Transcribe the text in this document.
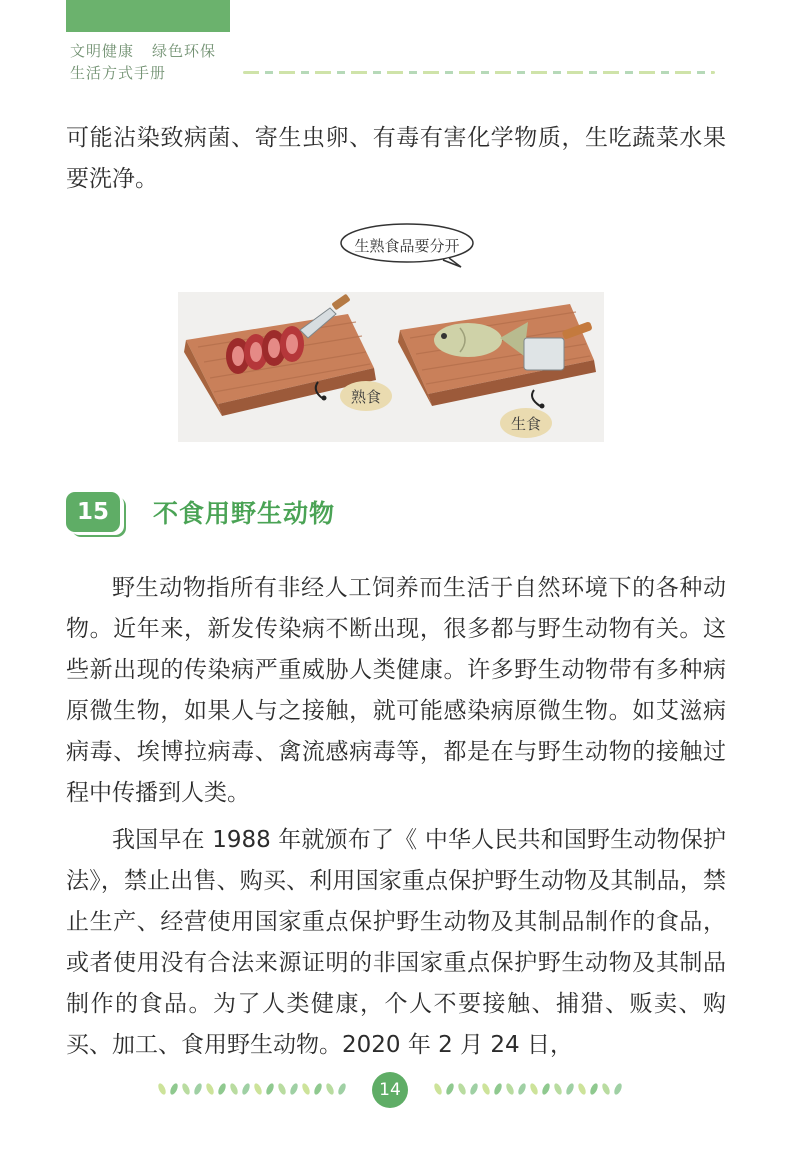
文明健康 绿色环保
生活方式手册

可能沾染致病菌、寄生虫卵、有毒有害化学物质，生吃蔬菜水果要洗净。

生熟食品要分开
熟食
生食
15	不食用野生动物

野生动物指所有非经人工饲养而生活于自然环境下的各种动物。近年来，新发传染病不断出现，很多都与野生动物有关。这些新出现的传染病严重威胁人类健康。许多野生动物带有多种病原微生物，如果人与之接触，就可能感染病原微生物。如艾滋病病毒、埃博拉病毒、禽流感病毒等，都是在与野生动物的接触过程中传播到人类。

我国早在 1988 年就颁布了《 中华人民共和国野生动物保护法》，禁止出售、购买、利用国家重点保护野生动物及其制品，禁止生产、经营使用国家重点保护野生动物及其制品制作的食品，或者使用没有合法来源证明的非国家重点保护野生动物及其制品制作的食品。为了人类健康，个人不要接触、捕猎、贩卖、购买、加工、食用野生动物。2020 年 2 月 24 日，

14
